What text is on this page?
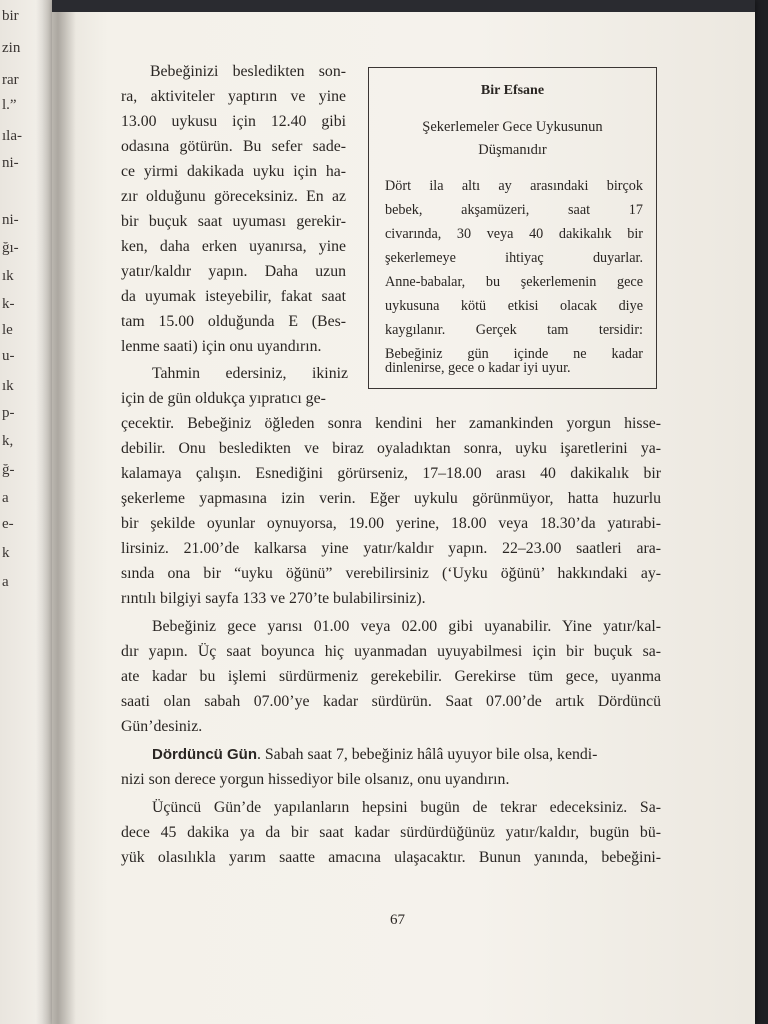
bir
zin
rar
l.”
ıla-
ni-
ni-
ğı-
ık
k-
le
u-
ık
p-
k,
ğ-
a
e-
k
a
Bebeğinizi besledikten son-
ra, aktiviteler yaptırın ve yine
13.00 uykusu için 12.40 gibi
odasına götürün. Bu sefer sade-
ce yirmi dakikada uyku için ha-
zır olduğunu göreceksiniz. En az
bir buçuk saat uyuması gerekir-
ken, daha erken uyanırsa, yine
yatır/kaldır yapın. Daha uzun
da uyumak isteyebilir, fakat saat
tam 15.00 olduğunda E (Bes-
lenme saati) için onu uyandırın.
Tahmin edersiniz, ikiniz
için de gün oldukça yıpratıcı ge-
Bir Efsane
Şekerlemeler Gece Uykusunun
Düşmanıdır
Dört ila altı ay arasındaki birçok
bebek, akşamüzeri, saat 17
civarında, 30 veya 40 dakikalık bir
şekerlemeye ihtiyaç duyarlar.
Anne-babalar, bu şekerlemenin gece
uykusuna kötü etkisi olacak diye
kaygılanır. Gerçek tam tersidir:
Bebeğiniz gün içinde ne kadar
dinlenirse, gece o kadar iyi uyur.
çecektir. Bebeğiniz öğleden sonra kendini her zamankinden yorgun hisse-
debilir. Onu besledikten ve biraz oyaladıktan sonra, uyku işaretlerini ya-
kalamaya çalışın. Esnediğini görürseniz, 17–18.00 arası 40 dakikalık bir
şekerleme yapmasına izin verin. Eğer uykulu görünmüyor, hatta huzurlu
bir şekilde oyunlar oynuyorsa, 19.00 yerine, 18.00 veya 18.30’da yatırabi-
lirsiniz. 21.00’de kalkarsa yine yatır/kaldır yapın. 22–23.00 saatleri ara-
sında ona bir “uyku öğünü” verebilirsiniz (‘Uyku öğünü’ hakkındaki ay-
rıntılı bilgiyi sayfa 133 ve 270’te bulabilirsiniz).
Bebeğiniz gece yarısı 01.00 veya 02.00 gibi uyanabilir. Yine yatır/kal-
dır yapın. Üç saat boyunca hiç uyanmadan uyuyabilmesi için bir buçuk sa-
ate kadar bu işlemi sürdürmeniz gerekebilir. Gerekirse tüm gece, uyanma
saati olan sabah 07.00’ye kadar sürdürün. Saat 07.00’de artık Dördüncü
Gün’desiniz.
Dördüncü Gün. Sabah saat 7, bebeğiniz hâlâ uyuyor bile olsa, kendi-
nizi son derece yorgun hissediyor bile olsanız, onu uyandırın.
Üçüncü Gün’de yapılanların hepsini bugün de tekrar edeceksiniz. Sa-
dece 45 dakika ya da bir saat kadar sürdürdüğünüz yatır/kaldır, bugün bü-
yük olasılıkla yarım saatte amacına ulaşacaktır. Bunun yanında, bebeğini-
67
